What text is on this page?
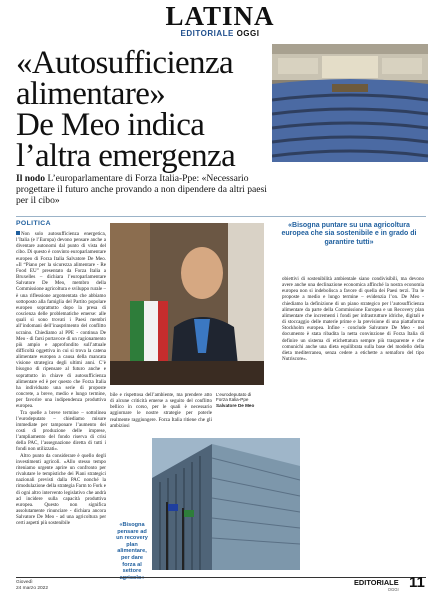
LATINA
EDITORIALE OGGI
«Autosufficienza
alimentare»
De Meo indica
l’altra emergenza
Il nodo L’europarlamentare di Forza Italia-Ppe: «Necessario progettare il futuro anche provando a non dipendere da altri paesi per il cibo»
POLITICA

Non solo autosufficienza energetica, l’Italia (e l’Europa) devono pensare anche a diventare autonomi dal punto di vista del cibo. Di questo è convinto europarlamentare europeo di Forza Italia Salvatore De Meo. «Il “Piano per la sicurezza alimentare - Re Food EU” presentato da Forza Italia a Bruxelles – dichiara l’europarlamentare Salvatore De Meo, membro della Commissione agricoltura e sviluppo rurale – è una riflessione argomentata che abbiamo sottoposto alla famiglia del Partito popolare europeo soprattutto dopo la presa di coscienza delle problematiche emerse: alle quali si sono trovati i Paesi membri all’indomani dell’inasprimento del conflitto ucraino. Chiediamo al PPE - continua De Meo - di farsi portavoce di un ragionamento più ampio e approfondito sull’attuale difficoltà oggettiva in cui si trova la catena alimentare europea a causa della mancata visione strategica degli ultimi anni. C’è bisogno di ripensare al futuro anche e soprattutto in chiave di autosufficienza alimentare ed è per questo che Forza Italia ha individuato una serie di proposte concrete, a breve, medio e lungo termine, per favorire una indipendenza produttiva europea.

Tra quelle a breve termine – sottolinea l’eurodeputato – chiediamo misure immediate per tamponare l’aumento dei costi di produzione delle imprese, l’ampliamento del fondo riserva di crisi della PAC, l’assegnazione diretta di tutti i fondi non utilizzati».

Altro punto da considerare è quello degli investimenti agricoli. «Allo stesso tempo riteniamo urgente aprire un confronto per rivalutare le tempistiche dei Piani strategici nazionali previsti dalla PAC nonché la rimodulazione della strategia Farm to Fork e di ogni altro intervento legislativo che andrà ad incidere sulla capacità produttiva europea. Questo non significa assolutamente rinunciare - dichiara ancora Salvatore De Meo - ad una agricoltura per certi aspetti più sostenibile

L’eurodeputato di Forza Italia-Ppe
Salvatore De Meo

bile e rispettosa dell’ambiente, ma prendere atto di alcune criticità emerse a seguito del conflitto bellico in corso, per le quali è necessario aggiornare le nostre strategie per poterle realmente raggiungere. Forza Italia ritiene che gli ambiziosi

«Bisogna puntare su una agricoltura europea che sia sostenibile e in grado di garantire tutti»

obiettivi di sostenibilità ambientale siano condivisibili, ma devono avere anche una declinazione economica affinché la nostra economia europea non si indebolisca a favore di quella dei Paesi terzi. Tra le proposte a medio e lungo termine – evidenzia l’on. De Meo - chiediamo la definizione di un piano strategico per l’autosufficienza alimentare da parte della Commissione Europea e un Recovery plan alimentare che incrementi i fondi per infrastrutture idriche, digitali e di stoccaggio delle materie prime e la previsione di una piattaforma Stockholm europea. Infine - conclude Salvatore De Meo - nel documento è stata ribadita la netta convinzione di Forza Italia di definire un sistema di etichettatura sempre più trasparente e che comunichi anche una dieta equilibrata sulla base del modello della dieta mediterranea, senza cedere a etichette a semaforo del tipo Nutriscore».

«Bisogna pensare ad un recovery plan alimentare, per dare forza al settore
Giovedì
24 marzo 2022
EDITORIALE
OGGI 11
